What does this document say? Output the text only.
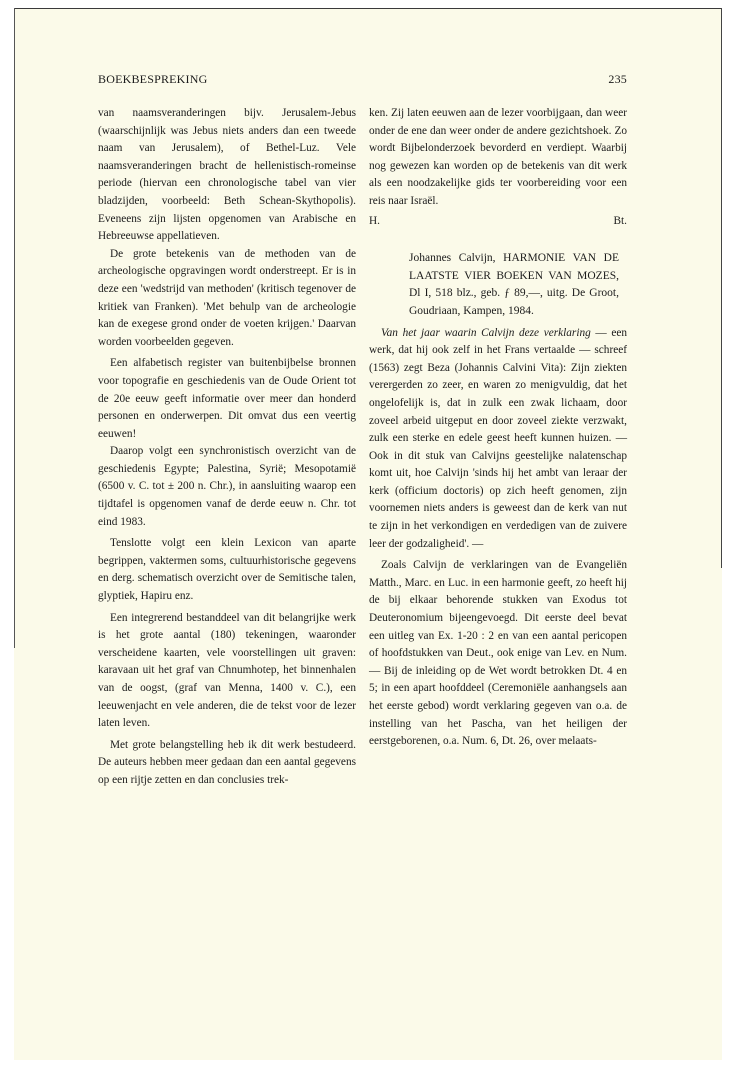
BOEKBESPREKING	235

van naamsveranderingen bijv. Jerusalem-Jebus (waarschijnlijk was Jebus niets anders dan een tweede naam van Jerusalem), of Bethel-Luz. Vele naamsveranderingen bracht de hellenistisch-romeinse periode (hiervan een chronologische tabel van vier bladzijden, voorbeeld: Beth Schean-Skythopolis). Eveneens zijn lijsten opgenomen van Arabische en Hebreeuwse appellatieven.

De grote betekenis van de methoden van de archeologische opgravingen wordt onderstreept. Er is in deze een 'wedstrijd van methoden' (kritisch tegenover de kritiek van Franken). 'Met behulp van de archeologie kan de exegese grond onder de voeten krijgen.' Daarvan worden voorbeelden gegeven.

Een alfabetisch register van buitenbijbelse bronnen voor topografie en geschiedenis van de Oude Orient tot de 20e eeuw geeft informatie over meer dan honderd personen en onderwerpen. Dit omvat dus een veertig eeuwen!

Daarop volgt een synchronistisch overzicht van de geschiedenis Egypte; Palestina, Syrië; Mesopotamië (6500 v. C. tot ± 200 n. Chr.), in aansluiting waarop een tijdtafel is opgenomen vanaf de derde eeuw n. Chr. tot eind 1983.

Tenslotte volgt een klein Lexicon van aparte begrippen, vaktermen soms, cultuurhistorische gegevens en derg. schematisch overzicht over de Semitische talen, glyptiek, Hapiru enz.

Een integrerend bestanddeel van dit belangrijke werk is het grote aantal (180) tekeningen, waaronder verscheidene kaarten, vele voorstellingen uit graven: karavaan uit het graf van Chnumhotep, het binnenhalen van de oogst, (graf van Menna, 1400 v. C.), een leeuwenjacht en vele anderen, die de tekst voor de lezer laten leven.

Met grote belangstelling heb ik dit werk bestudeerd. De auteurs hebben meer gedaan dan een aantal gegevens op een rijtje zetten en dan conclusies trek-

ken. Zij laten eeuwen aan de lezer voorbijgaan, dan weer onder de ene dan weer onder de andere gezichtshoek. Zo wordt Bijbelonderzoek bevorderd en verdiept. Waarbij nog gewezen kan worden op de betekenis van dit werk als een noodzakelijke gids ter voorbereiding voor een reis naar Israël.

H.	Bt.
Johannes Calvijn, HARMONIE VAN DE LAATSTE VIER BOEKEN VAN MOZES, Dl I, 518 blz., geb. ƒ 89,—, uitg. De Groot, Goudriaan, Kampen, 1984.

Van het jaar waarin Calvijn deze verklaring — een werk, dat hij ook zelf in het Frans vertaalde — schreef (1563) zegt Beza (Johannis Calvini Vita): Zijn ziekten verergerden zo zeer, en waren zo menigvuldig, dat het ongelofelijk is, dat in zulk een zwak lichaam, door zoveel arbeid uitgeput en door zoveel ziekte verzwakt, zulk een sterke en edele geest heeft kunnen huizen. — Ook in dit stuk van Calvijns geestelijke nalatenschap komt uit, hoe Calvijn 'sinds hij het ambt van leraar der kerk (officium doctoris) op zich heeft genomen, zijn voornemen niets anders is geweest dan de kerk van nut te zijn in het verkondigen en verdedigen van de zuivere leer der godzaligheid'. —

Zoals Calvijn de verklaringen van de Evangeliën Matth., Marc. en Luc. in een harmonie geeft, zo heeft hij de bij elkaar behorende stukken van Exodus tot Deuteronomium bijeengevoegd. Dit eerste deel bevat een uitleg van Ex. 1-20 : 2 en van een aantal pericopen of hoofdstukken van Deut., ook enige van Lev. en Num. — Bij de inleiding op de Wet wordt betrokken Dt. 4 en 5; in een apart hoofddeel (Ceremoniële aanhangsels aan het eerste gebod) wordt verklaring gegeven van o.a. de instelling van het Pascha, van het heiligen der eerstgeborenen, o.a. Num. 6, Dt. 26, over melaats-
